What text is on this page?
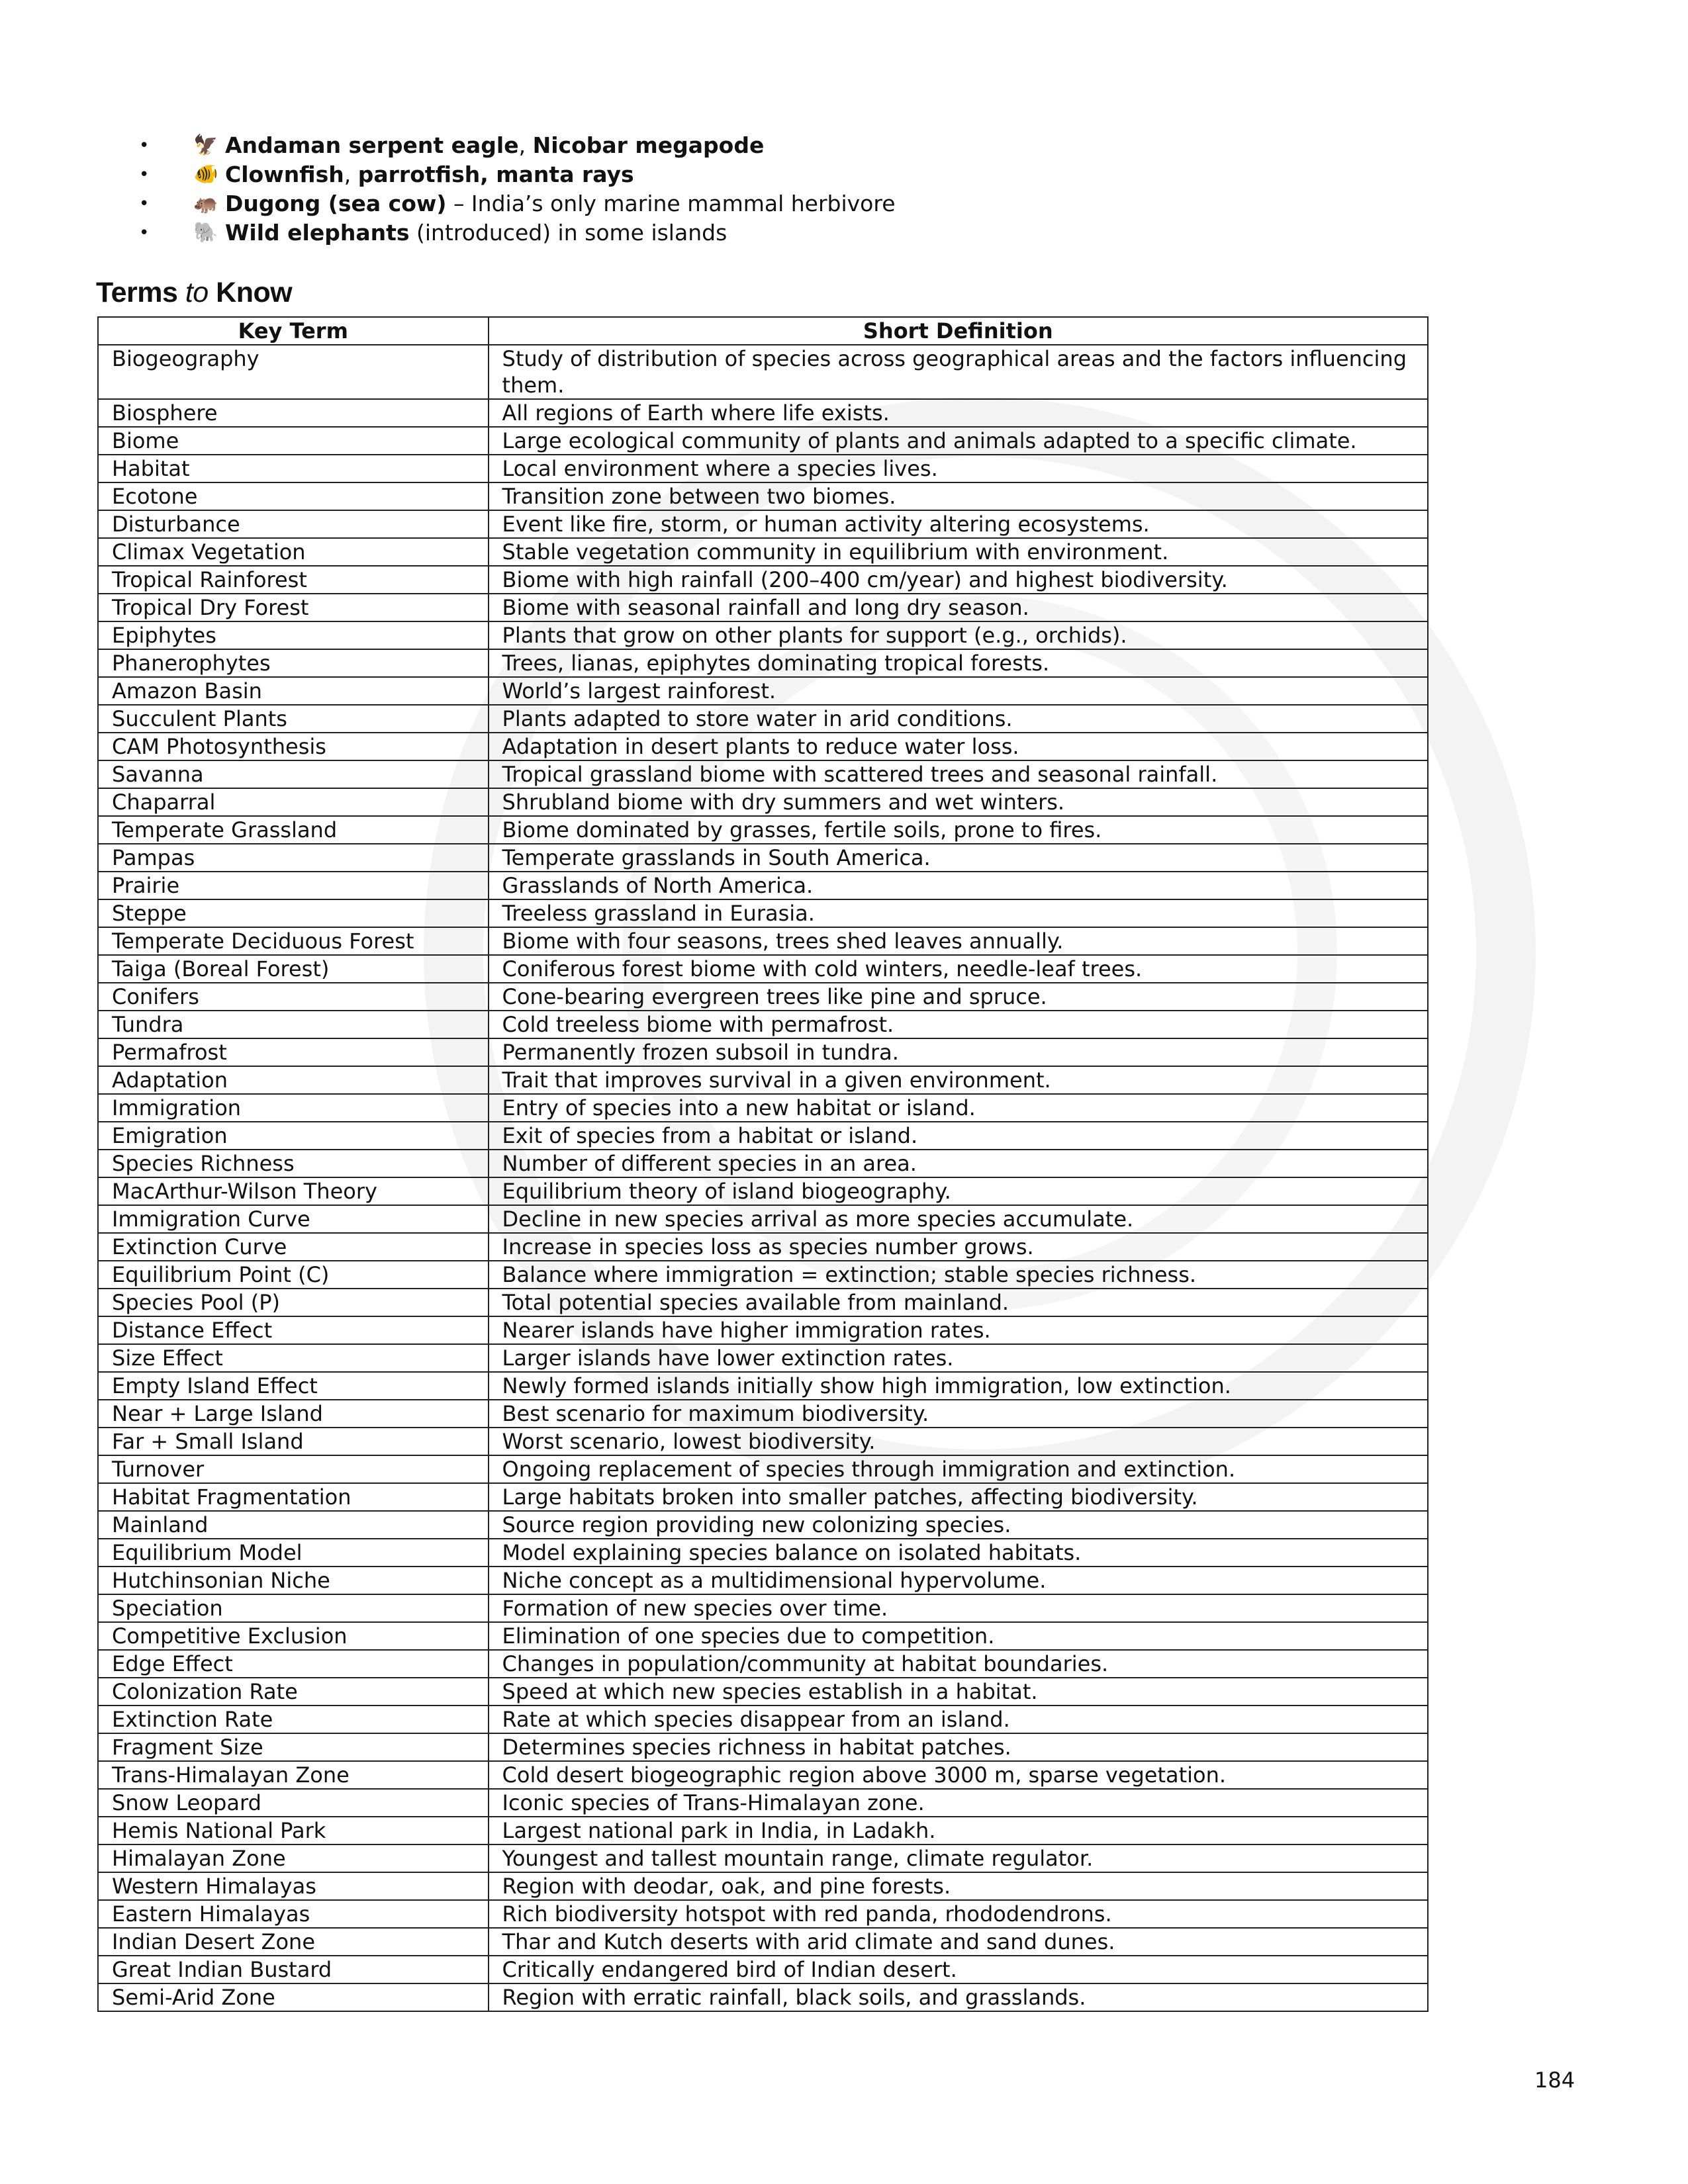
•	🦅 Andaman serpent eagle , Nicobar megapode
•	🐠 Clownfish , parrotfish, manta rays
•	🦛 Dugong (sea cow) – India’s only marine mammal herbivore
•	🐘 Wild elephants (introduced) in some islands
Terms to Know
Key Term	Short Definition
Biogeography	Study of distribution of species across geographical areas and the factors influencing them.
Biosphere	All regions of Earth where life exists.
Biome	Large ecological community of plants and animals adapted to a specific climate.
Habitat	Local environment where a species lives.
Ecotone	Transition zone between two biomes.
Disturbance	Event like fire, storm, or human activity altering ecosystems.
Climax Vegetation	Stable vegetation community in equilibrium with environment.
Tropical Rainforest	Biome with high rainfall (200–400 cm/year) and highest biodiversity.
Tropical Dry Forest	Biome with seasonal rainfall and long dry season.
Epiphytes	Plants that grow on other plants for support (e.g., orchids).
Phanerophytes	Trees, lianas, epiphytes dominating tropical forests.
Amazon Basin	World’s largest rainforest.
Succulent Plants	Plants adapted to store water in arid conditions.
CAM Photosynthesis	Adaptation in desert plants to reduce water loss.
Savanna	Tropical grassland biome with scattered trees and seasonal rainfall.
Chaparral	Shrubland biome with dry summers and wet winters.
Temperate Grassland	Biome dominated by grasses, fertile soils, prone to fires.
Pampas	Temperate grasslands in South America.
Prairie	Grasslands of North America.
Steppe	Treeless grassland in Eurasia.
Temperate Deciduous Forest	Biome with four seasons, trees shed leaves annually.
Taiga (Boreal Forest)	Coniferous forest biome with cold winters, needle-leaf trees.
Conifers	Cone-bearing evergreen trees like pine and spruce.
Tundra	Cold treeless biome with permafrost.
Permafrost	Permanently frozen subsoil in tundra.
Adaptation	Trait that improves survival in a given environment.
Immigration	Entry of species into a new habitat or island.
Emigration	Exit of species from a habitat or island.
Species Richness	Number of different species in an area.
MacArthur-Wilson Theory	Equilibrium theory of island biogeography.
Immigration Curve	Decline in new species arrival as more species accumulate.
Extinction Curve	Increase in species loss as species number grows.
Equilibrium Point (C)	Balance where immigration = extinction; stable species richness.
Species Pool (P)	Total potential species available from mainland.
Distance Effect	Nearer islands have higher immigration rates.
Size Effect	Larger islands have lower extinction rates.
Empty Island Effect	Newly formed islands initially show high immigration, low extinction.
Near + Large Island	Best scenario for maximum biodiversity.
Far + Small Island	Worst scenario, lowest biodiversity.
Turnover	Ongoing replacement of species through immigration and extinction.
Habitat Fragmentation	Large habitats broken into smaller patches, affecting biodiversity.
Mainland	Source region providing new colonizing species.
Equilibrium Model	Model explaining species balance on isolated habitats.
Hutchinsonian Niche	Niche concept as a multidimensional hypervolume.
Speciation	Formation of new species over time.
Competitive Exclusion	Elimination of one species due to competition.
Edge Effect	Changes in population/community at habitat boundaries.
Colonization Rate	Speed at which new species establish in a habitat.
Extinction Rate	Rate at which species disappear from an island.
Fragment Size	Determines species richness in habitat patches.
Trans-Himalayan Zone	Cold desert biogeographic region above 3000 m, sparse vegetation.
Snow Leopard	Iconic species of Trans-Himalayan zone.
Hemis National Park	Largest national park in India, in Ladakh.
Himalayan Zone	Youngest and tallest mountain range, climate regulator.
Western Himalayas	Region with deodar, oak, and pine forests.
Eastern Himalayas	Rich biodiversity hotspot with red panda, rhododendrons.
Indian Desert Zone	Thar and Kutch deserts with arid climate and sand dunes.
Great Indian Bustard	Critically endangered bird of Indian desert.
Semi-Arid Zone	Region with erratic rainfall, black soils, and grasslands.
184
